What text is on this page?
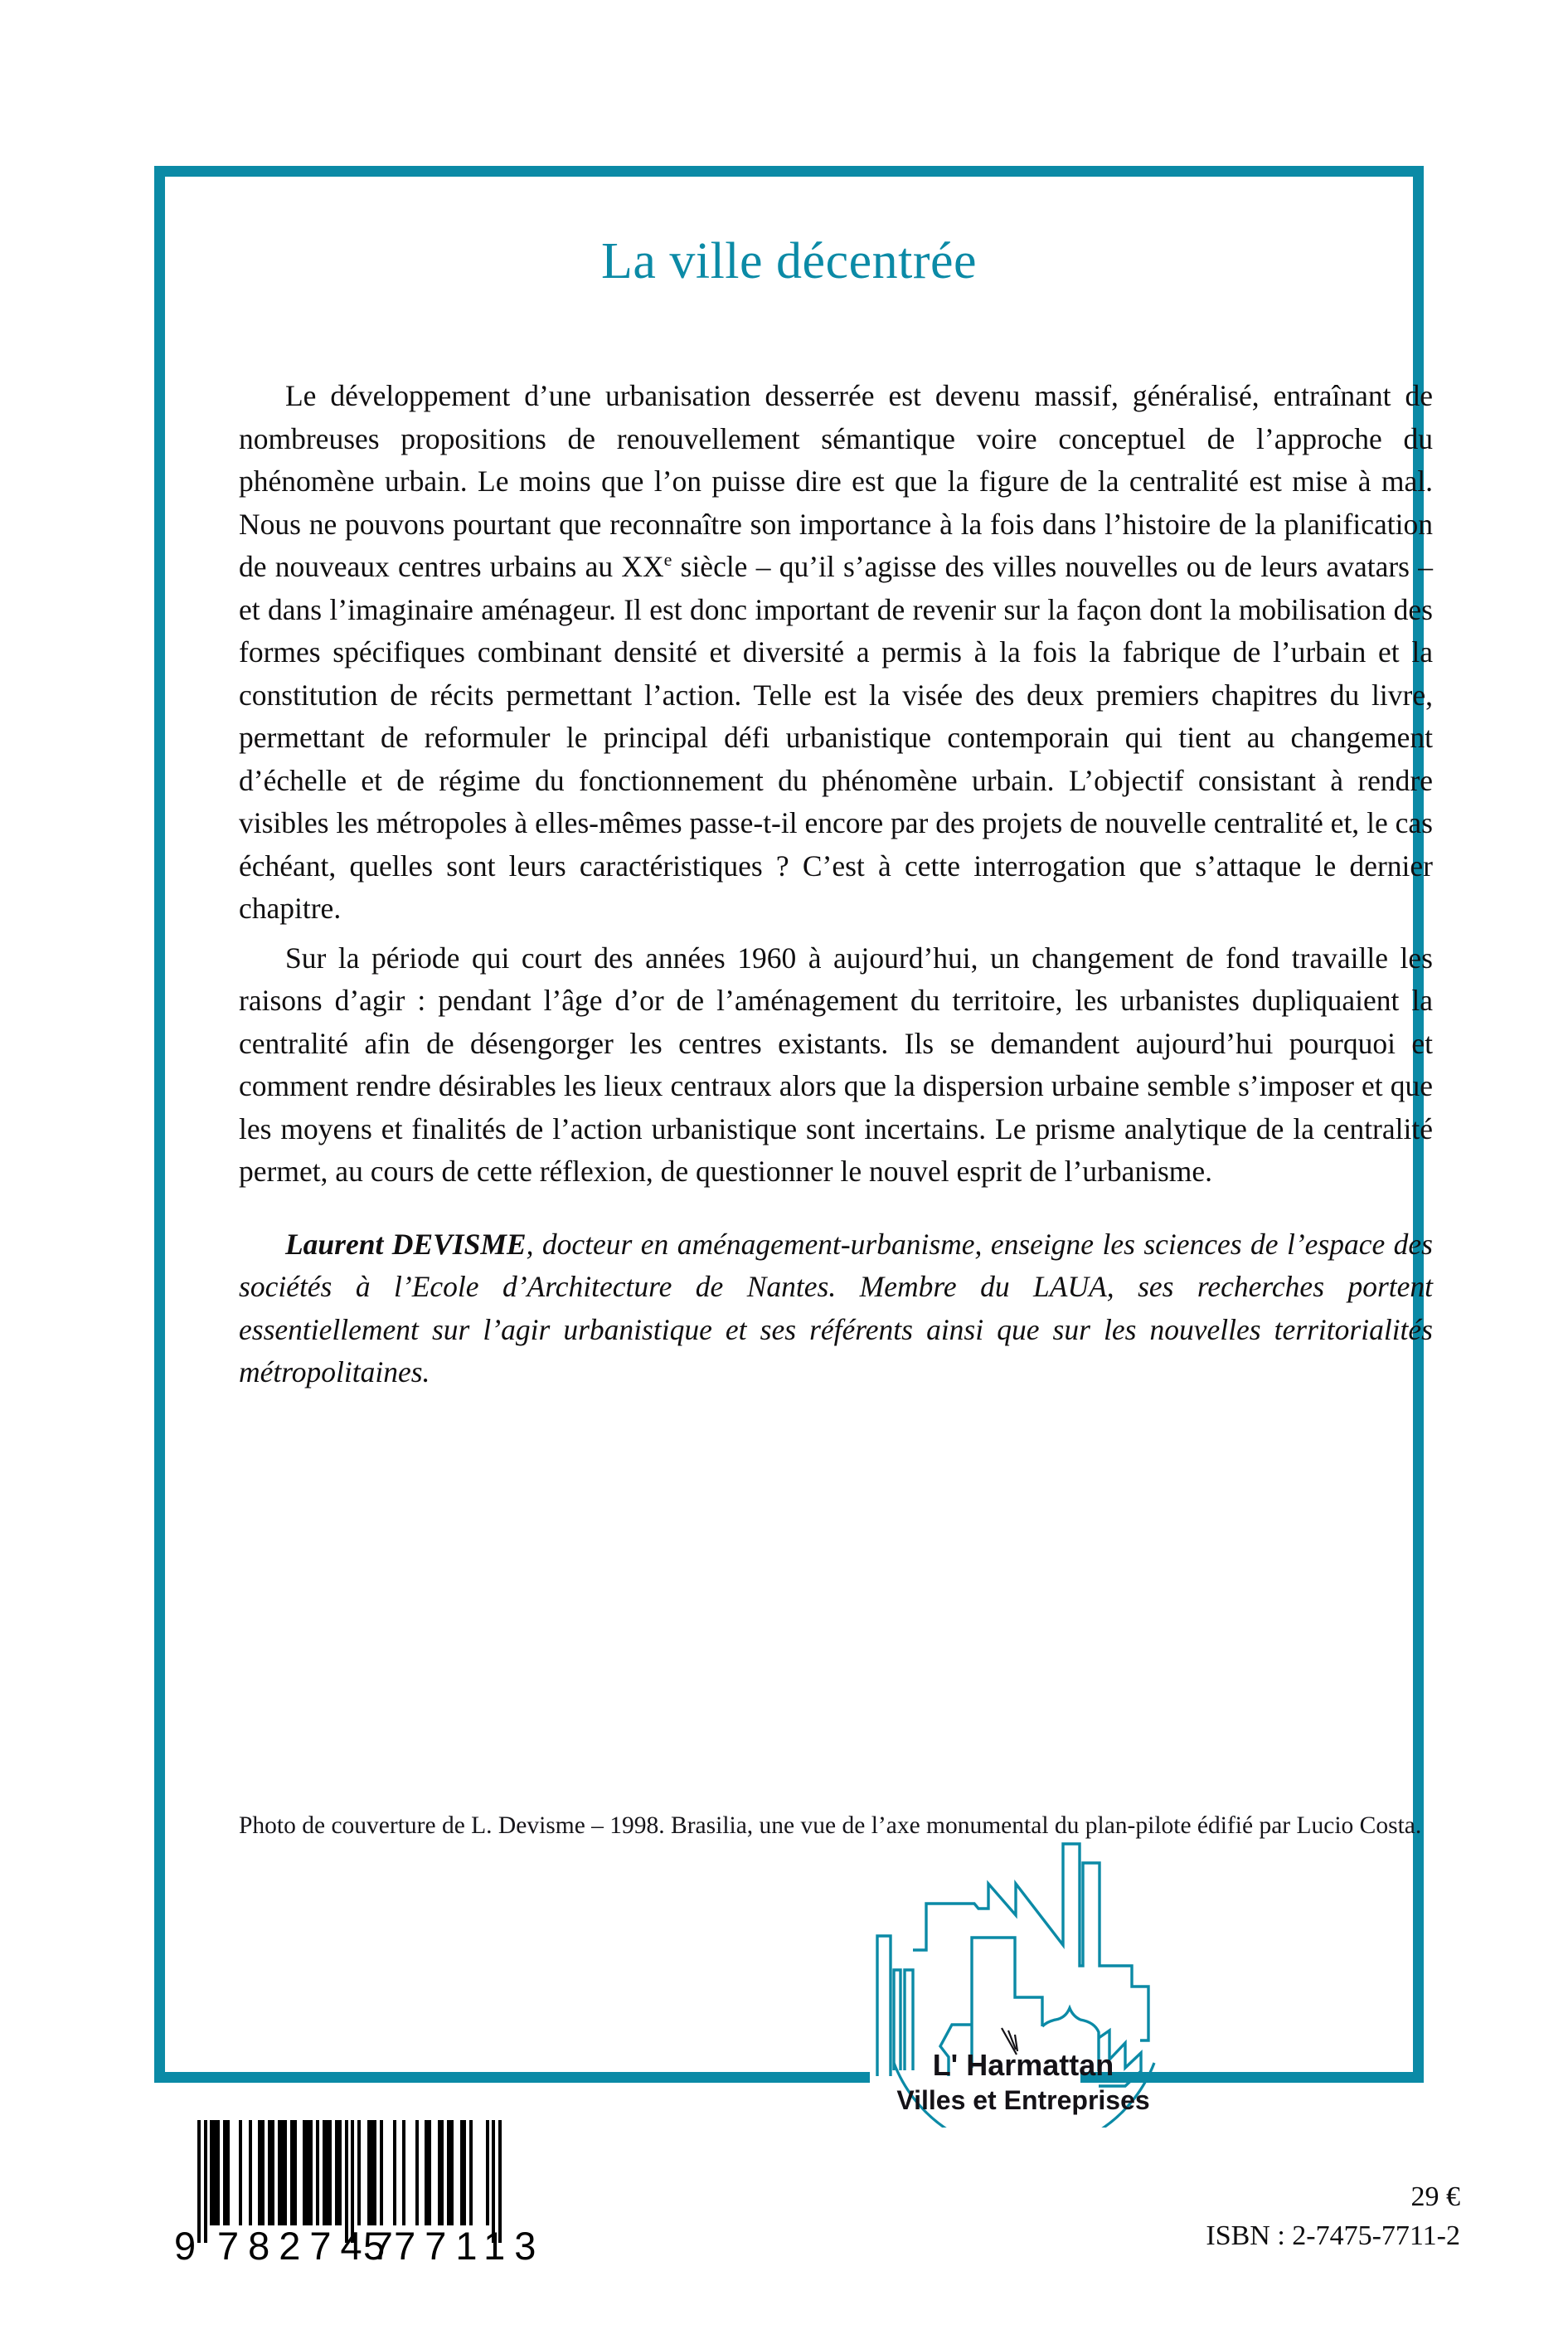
La ville décentrée

Le développement d’une urbanisation desserrée est devenu massif, généralisé, entraînant de nombreuses propositions de renouvellement sémantique voire conceptuel de l’approche du phénomène urbain. Le moins que l’on puisse dire est que la figure de la centralité est mise à mal. Nous ne pouvons pourtant que reconnaître son importance à la fois dans l’histoire de la planification de nouveaux centres urbains au XXe siècle – qu’il s’agisse des villes nouvelles ou de leurs avatars – et dans l’imaginaire aménageur. Il est donc important de revenir sur la façon dont la mobilisation des formes spécifiques combinant densité et diversité a permis à la fois la fabrique de l’urbain et la constitution de récits permettant l’action. Telle est la visée des deux premiers chapitres du livre, permettant de reformuler le principal défi urbanistique contemporain qui tient au changement d’échelle et de régime du fonctionnement du phénomène urbain. L’objectif consistant à rendre visibles les métropoles à elles-mêmes passe-t-il encore par des projets de nouvelle centralité et, le cas échéant, quelles sont leurs caractéristiques ? C’est à cette interrogation que s’attaque le dernier chapitre.

Sur la période qui court des années 1960 à aujourd’hui, un changement de fond travaille les raisons d’agir : pendant l’âge d’or de l’aménagement du territoire, les urbanistes dupliquaient la centralité afin de désengorger les centres existants. Ils se demandent aujourd’hui pourquoi et comment rendre désirables les lieux centraux alors que la dispersion urbaine semble s’imposer et que les moyens et finalités de l’action urbanistique sont incertains. Le prisme analytique de la centralité permet, au cours de cette réflexion, de questionner le nouvel esprit de l’urbanisme.

Laurent DEVISME, docteur en aménagement-urbanisme, enseigne les sciences de l’espace des sociétés à l’Ecole d’Architecture de Nantes. Membre du LAUA, ses recherches portent essentiellement sur l’agir urbanistique et ses référents ainsi que sur les nouvelles territorialités métropolitaines.

Photo de couverture de L. Devisme – 1998. Brasilia, une vue de l’axe monumental du plan-pilote édifié par Lucio Costa.
L' Harmattan
Villes et Entreprises
9 782747
577113
29 €
ISBN : 2-7475-7711-2
